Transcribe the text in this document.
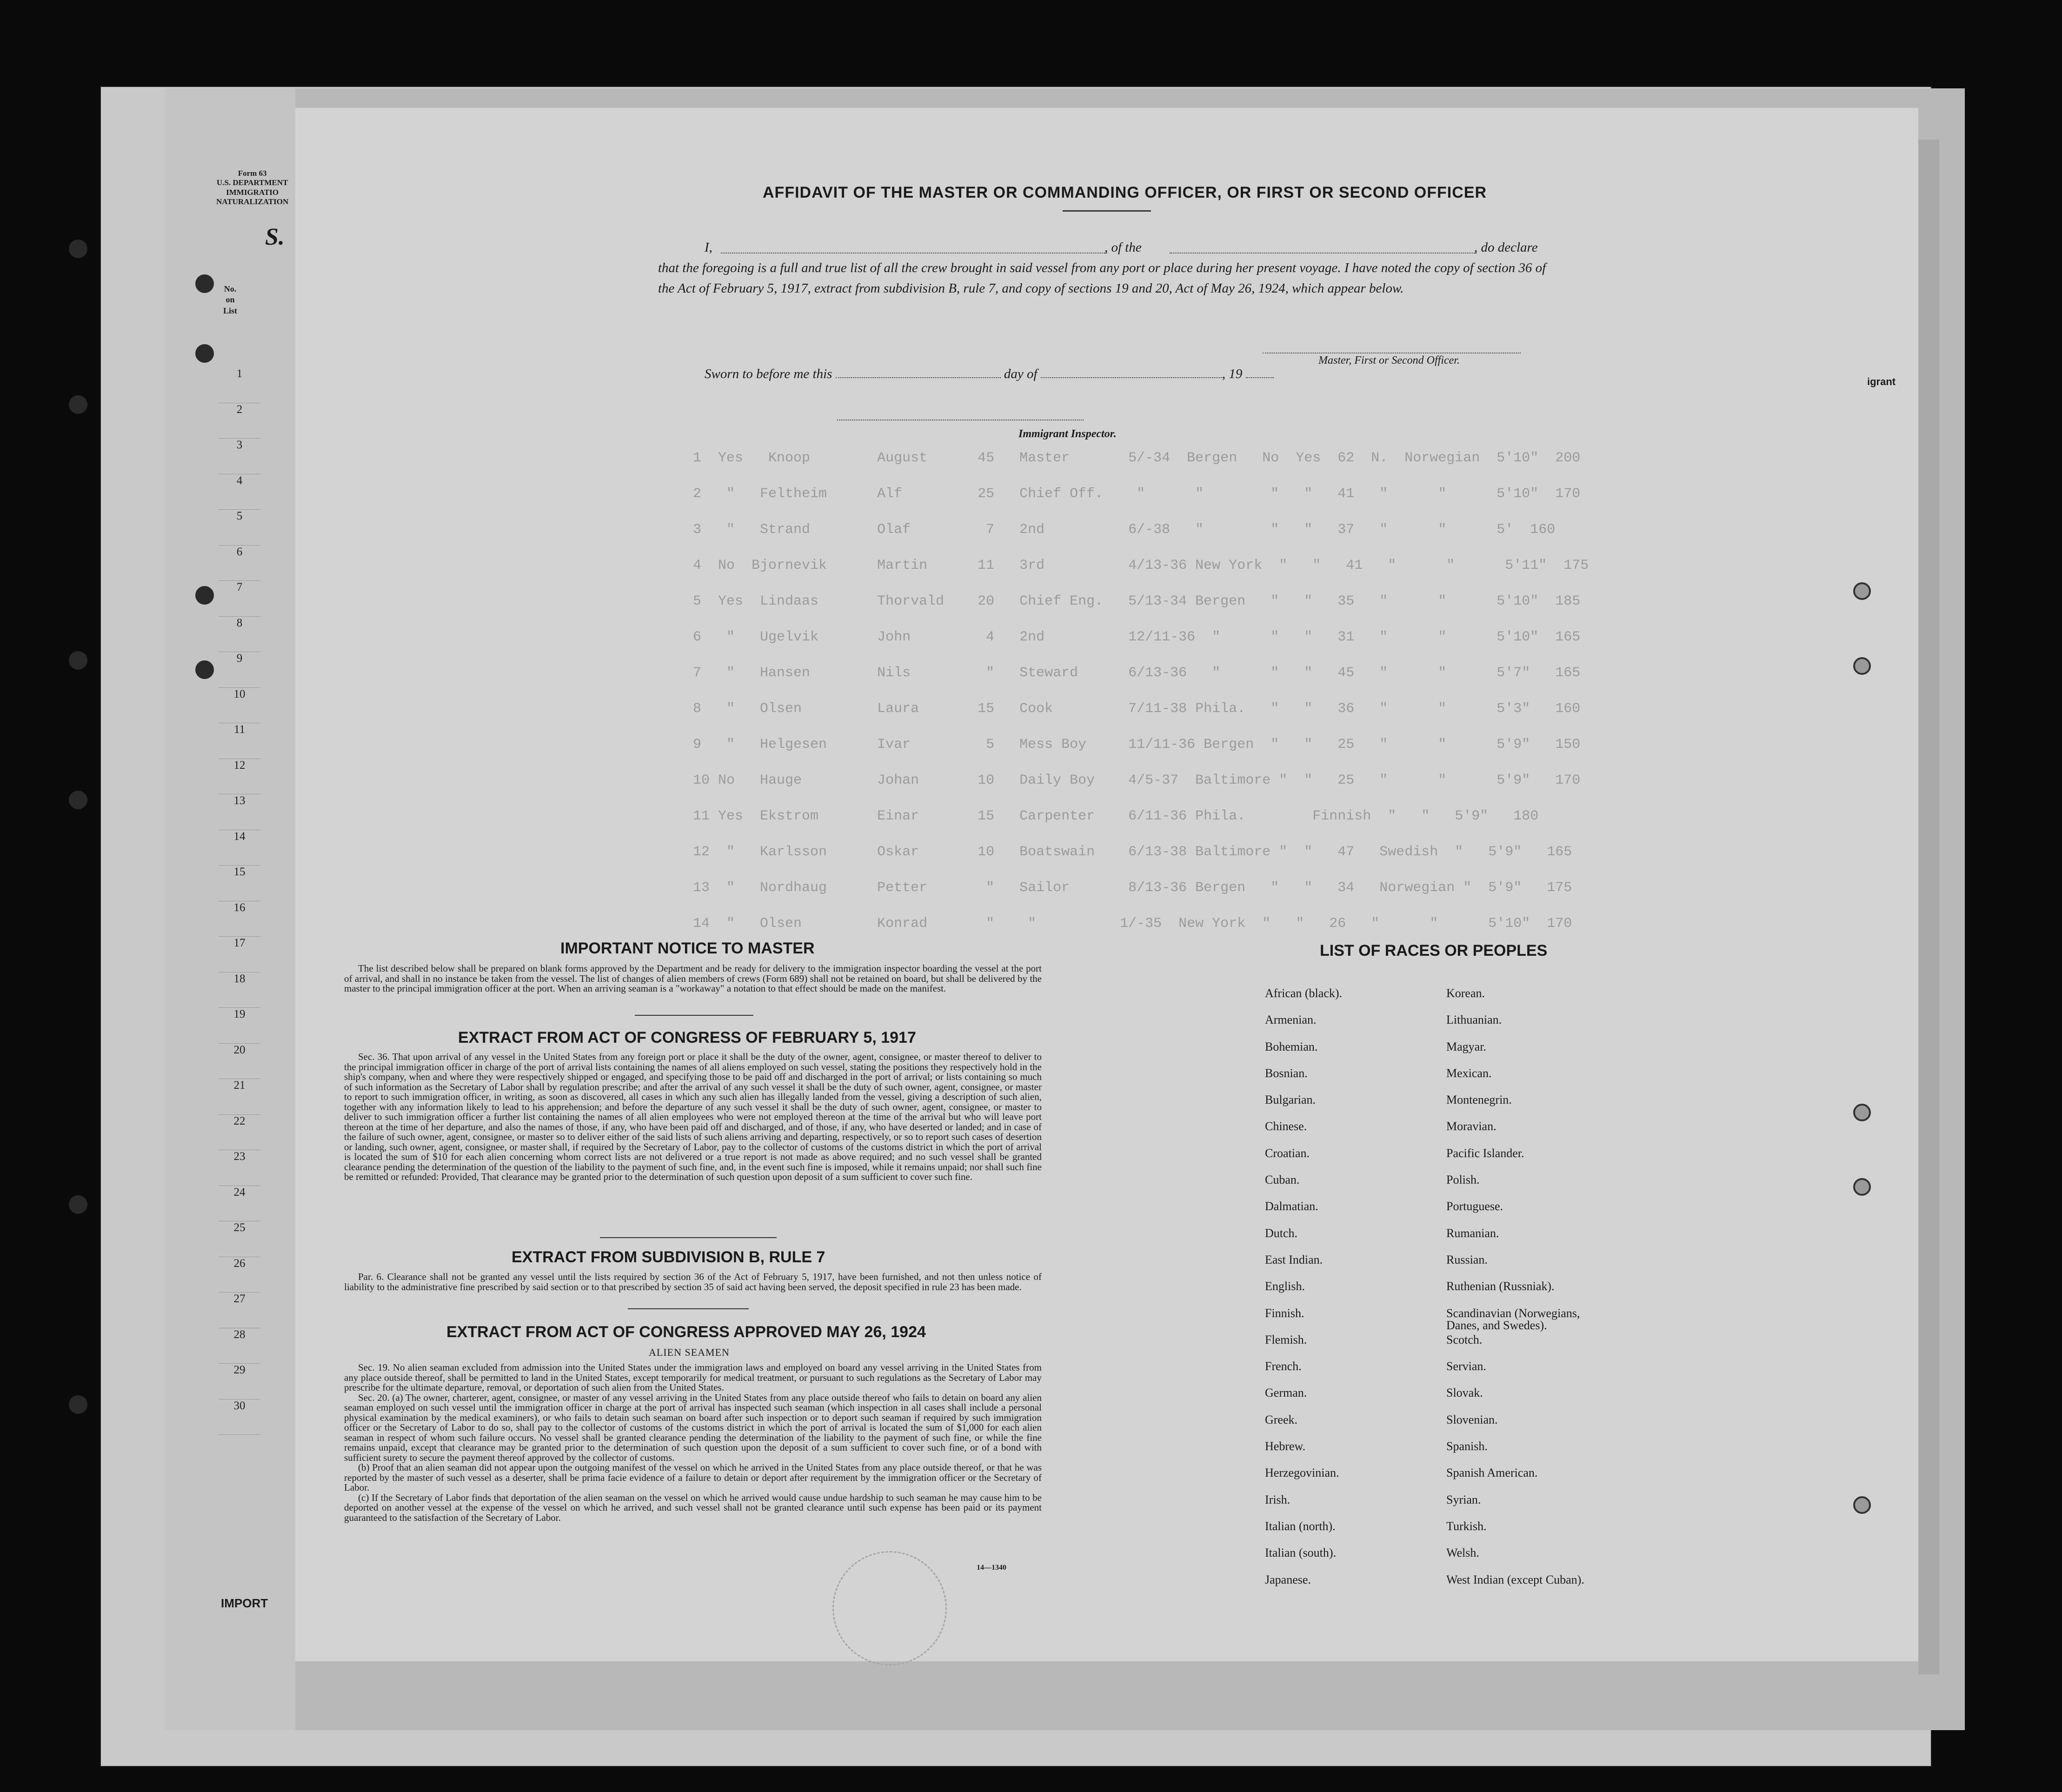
Form 63
U.S. DEPARTMENT
IMMIGRATIO
NATURALIZATION
S.
No.
on
List
1
2
3
4
5
6
7
8
9
10
11
12
13
14
15
16
17
18
19
20
21
22
23
24
25
26
27
28
29
30
IMPORT
1  Yes   Knoop        August      45   Master       5/-34  Bergen   No  Yes  62  N.  Norwegian  5'10"  200
2   "   Feltheim      Alf         25   Chief Off.    "      "        "   "   41   "      "      5'10"  170
3   "   Strand        Olaf         7   2nd          6/-38   "        "   "   37   "      "      5'  160
4  No  Bjornevik      Martin      11   3rd          4/13-36 New York  "   "   41   "      "      5'11"  175
5  Yes  Lindaas       Thorvald    20   Chief Eng.   5/13-34 Bergen   "   "   35   "      "      5'10"  185
6   "   Ugelvik       John         4   2nd          12/11-36  "      "   "   31   "      "      5'10"  165
7   "   Hansen        Nils         "   Steward      6/13-36   "      "   "   45   "      "      5'7"   165
8   "   Olsen         Laura       15   Cook         7/11-38 Phila.   "   "   36   "      "      5'3"   160
9   "   Helgesen      Ivar         5   Mess Boy     11/11-36 Bergen  "   "   25   "      "      5'9"   150
10 No   Hauge         Johan       10   Daily Boy    4/5-37  Baltimore "  "   25   "      "      5'9"   170
11 Yes  Ekstrom       Einar       15   Carpenter    6/11-36 Phila.        Finnish  "   "   5'9"   180
12  "   Karlsson      Oskar       10   Boatswain    6/13-38 Baltimore "  "   47   Swedish  "   5'9"   165
13  "   Nordhaug      Petter       "   Sailor       8/13-36 Bergen   "   "   34   Norwegian "  5'9"   175
14  "   Olsen         Konrad       "    "          1/-35  New York  "   "   26   "      "      5'10"  170
igrant
AFFIDAVIT OF THE MASTER OR COMMANDING OFFICER, OR FIRST OR SECOND OFFICER
I,	, of the	, do declare
that the foregoing is a full and true list of all the crew brought in said vessel from any port or place during her present voyage. I have noted the copy of section 36 of the Act of February 5, 1917, extract from subdivision B, rule 7, and copy of sections 19 and 20, Act of May 26, 1924, which appear below.
Master, First or Second Officer.
Sworn to before me this	day of	, 19
Immigrant Inspector.
IMPORTANT NOTICE TO MASTER

The list described below shall be prepared on blank forms approved by the Department and be ready for delivery to the immigration inspector boarding the vessel at the port of arrival, and shall in no instance be taken from the vessel. The list of changes of alien members of crews (Form 689) shall not be retained on board, but shall be delivered by the master to the principal immigration officer at the port. When an arriving seaman is a "workaway" a notation to that effect should be made on the manifest.

EXTRACT FROM ACT OF CONGRESS OF FEBRUARY 5, 1917

Sec. 36. That upon arrival of any vessel in the United States from any foreign port or place it shall be the duty of the owner, agent, consignee, or master thereof to deliver to the principal immigration officer in charge of the port of arrival lists containing the names of all aliens employed on such vessel, stating the positions they respectively hold in the ship's company, when and where they were respectively shipped or engaged, and specifying those to be paid off and discharged in the port of arrival; or lists containing so much of such information as the Secretary of Labor shall by regulation prescribe; and after the arrival of any such vessel it shall be the duty of such owner, agent, consignee, or master to report to such immigration officer, in writing, as soon as discovered, all cases in which any such alien has illegally landed from the vessel, giving a description of such alien, together with any information likely to lead to his apprehension; and before the departure of any such vessel it shall be the duty of such owner, agent, consignee, or master to deliver to such immigration officer a further list containing the names of all alien employees who were not employed thereon at the time of the arrival but who will leave port thereon at the time of her departure, and also the names of those, if any, who have been paid off and discharged, and of those, if any, who have deserted or landed; and in case of the failure of such owner, agent, consignee, or master so to deliver either of the said lists of such aliens arriving and departing, respectively, or so to report such cases of desertion or landing, such owner, agent, consignee, or master shall, if required by the Secretary of Labor, pay to the collector of customs of the customs district in which the port of arrival is located the sum of $10 for each alien concerning whom correct lists are not delivered or a true report is not made as above required; and no such vessel shall be granted clearance pending the determination of the question of the liability to the payment of such fine, and, in the event such fine is imposed, while it remains unpaid; nor shall such fine be remitted or refunded: Provided, That clearance may be granted prior to the determination of such question upon deposit of a sum sufficient to cover such fine.

EXTRACT FROM SUBDIVISION B, RULE 7

Par. 6. Clearance shall not be granted any vessel until the lists required by section 36 of the Act of February 5, 1917, have been furnished, and not then unless notice of liability to the administrative fine prescribed by said section or to that prescribed by section 35 of said act having been served, the deposit specified in rule 23 has been made.

EXTRACT FROM ACT OF CONGRESS APPROVED MAY 26, 1924
ALIEN SEAMEN

Sec. 19. No alien seaman excluded from admission into the United States under the immigration laws and employed on board any vessel arriving in the United States from any place outside thereof, shall be permitted to land in the United States, except temporarily for medical treatment, or pursuant to such regulations as the Secretary of Labor may prescribe for the ultimate departure, removal, or deportation of such alien from the United States.

Sec. 20. (a) The owner, charterer, agent, consignee, or master of any vessel arriving in the United States from any place outside thereof who fails to detain on board any alien seaman employed on such vessel until the immigration officer in charge at the port of arrival has inspected such seaman (which inspection in all cases shall include a personal physical examination by the medical examiners), or who fails to detain such seaman on board after such inspection or to deport such seaman if required by such immigration officer or the Secretary of Labor to do so, shall pay to the collector of customs of the customs district in which the port of arrival is located the sum of $1,000 for each alien seaman in respect of whom such failure occurs. No vessel shall be granted clearance pending the determination of the liability to the payment of such fine, or while the fine remains unpaid, except that clearance may be granted prior to the determination of such question upon the deposit of a sum sufficient to cover such fine, or of a bond with sufficient surety to secure the payment thereof approved by the collector of customs.

(b) Proof that an alien seaman did not appear upon the outgoing manifest of the vessel on which he arrived in the United States from any place outside thereof, or that he was reported by the master of such vessel as a deserter, shall be prima facie evidence of a failure to detain or deport after requirement by the immigration officer or the Secretary of Labor.

(c) If the Secretary of Labor finds that deportation of the alien seaman on the vessel on which he arrived would cause undue hardship to such seaman he may cause him to be deported on another vessel at the expense of the vessel on which he arrived, and such vessel shall not be granted clearance until such expense has been paid or its payment guaranteed to the satisfaction of the Secretary of Labor.

14—1340
LIST OF RACES OR PEOPLES
African (black).
Armenian.
Bohemian.
Bosnian.
Bulgarian.
Chinese.
Croatian.
Cuban.
Dalmatian.
Dutch.
East Indian.
English.
Finnish.
Flemish.
French.
German.
Greek.
Hebrew.
Herzegovinian.
Irish.
Italian (north).
Italian (south).
Japanese.
Korean.
Lithuanian.
Magyar.
Mexican.
Montenegrin.
Moravian.
Pacific Islander.
Polish.
Portuguese.
Rumanian.
Russian.
Ruthenian (Russniak).
Scandinavian (Norwegians, Danes, and Swedes).
Scotch.
Servian.
Slovak.
Slovenian.
Spanish.
Spanish American.
Syrian.
Turkish.
Welsh.
West Indian (except Cuban).
